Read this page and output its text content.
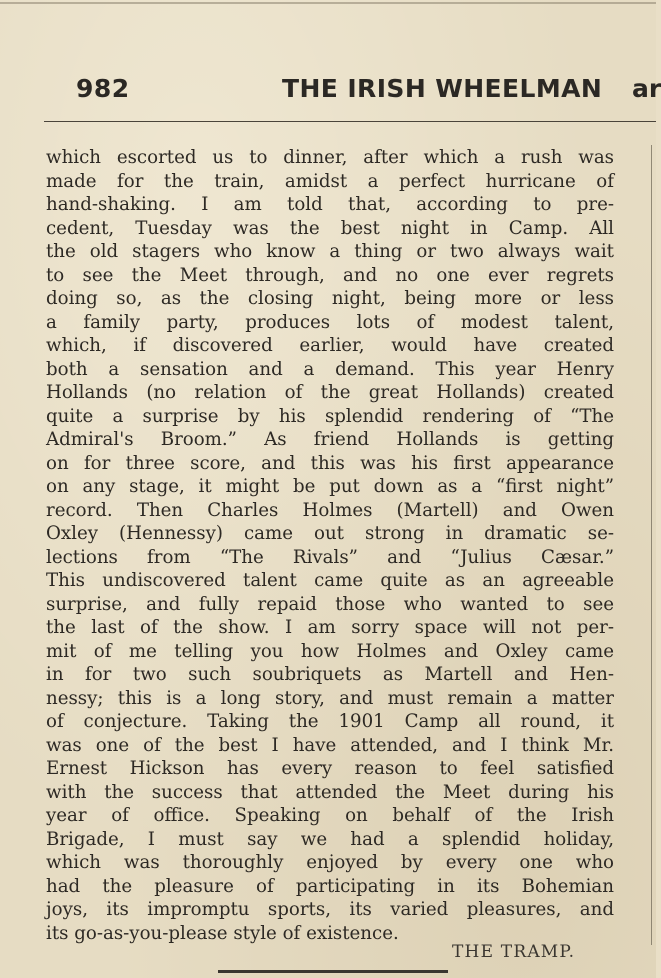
982	THE IRISH WHEELMAN ar
which escorted us to dinner, after which a rush was
made for the train, amidst a perfect hurricane of
hand-shaking. I am told that, according to pre-
cedent, Tuesday was the best night in Camp. All
the old stagers who know a thing or two always wait
to see the Meet through, and no one ever regrets
doing so, as the closing night, being more or less
a family party, produces lots of modest talent,
which, if discovered earlier, would have created
both a sensation and a demand. This year Henry
Hollands (no relation of the great Hollands) created
quite a surprise by his splendid rendering of “The
Admiral's Broom.” As friend Hollands is getting
on for three score, and this was his first appearance
on any stage, it might be put down as a “first night”
record. Then Charles Holmes (Martell) and Owen
Oxley (Hennessy) came out strong in dramatic se-
lections from “The Rivals” and “Julius Cæsar.”
This undiscovered talent came quite as an agreeable
surprise, and fully repaid those who wanted to see
the last of the show. I am sorry space will not per-
mit of me telling you how Holmes and Oxley came
in for two such soubriquets as Martell and Hen-
nessy; this is a long story, and must remain a matter
of conjecture. Taking the 1901 Camp all round, it
was one of the best I have attended, and I think Mr.
Ernest Hickson has every reason to feel satisfied
with the success that attended the Meet during his
year of office. Speaking on behalf of the Irish
Brigade, I must say we had a splendid holiday,
which was thoroughly enjoyed by every one who
had the pleasure of participating in its Bohemian
joys, its impromptu sports, its varied pleasures, and
its go-as-you-please style of existence.
THE TRAMP.
